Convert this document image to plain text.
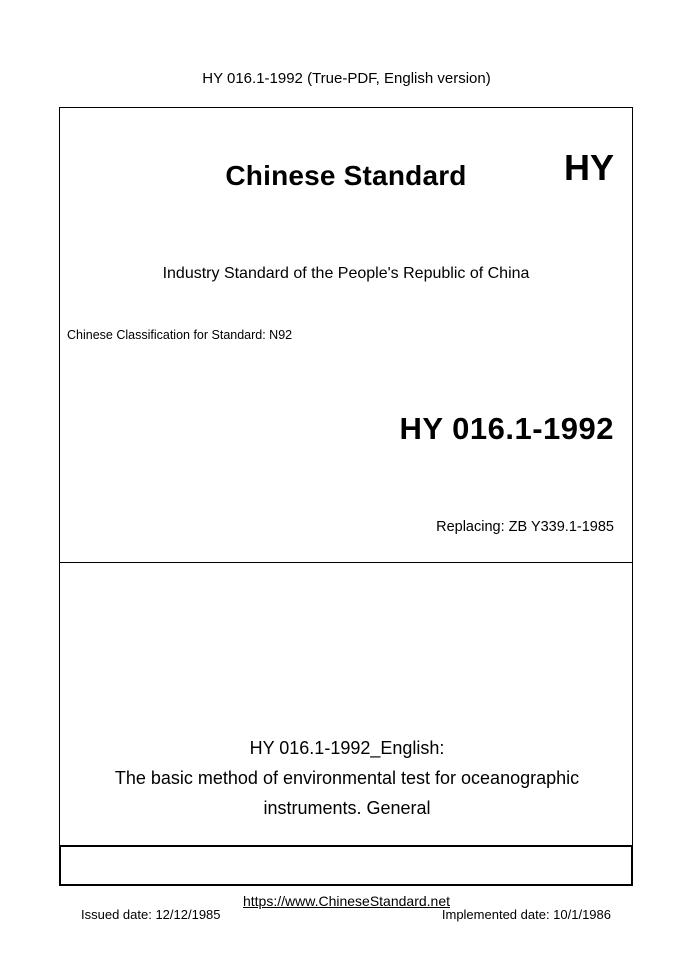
HY 016.1-1992 (True-PDF, English version)
Chinese Standard	HY
Industry Standard of the People's Republic of China
Chinese Classification for Standard: N92
HY 016.1-1992
Replacing: ZB Y339.1-1985
HY 016.1-1992_English:
The basic method of environmental test for oceanographic
instruments. General
Issued date: 12/12/1985	Implemented date: 10/1/1986
https://www.ChineseStandard.net
